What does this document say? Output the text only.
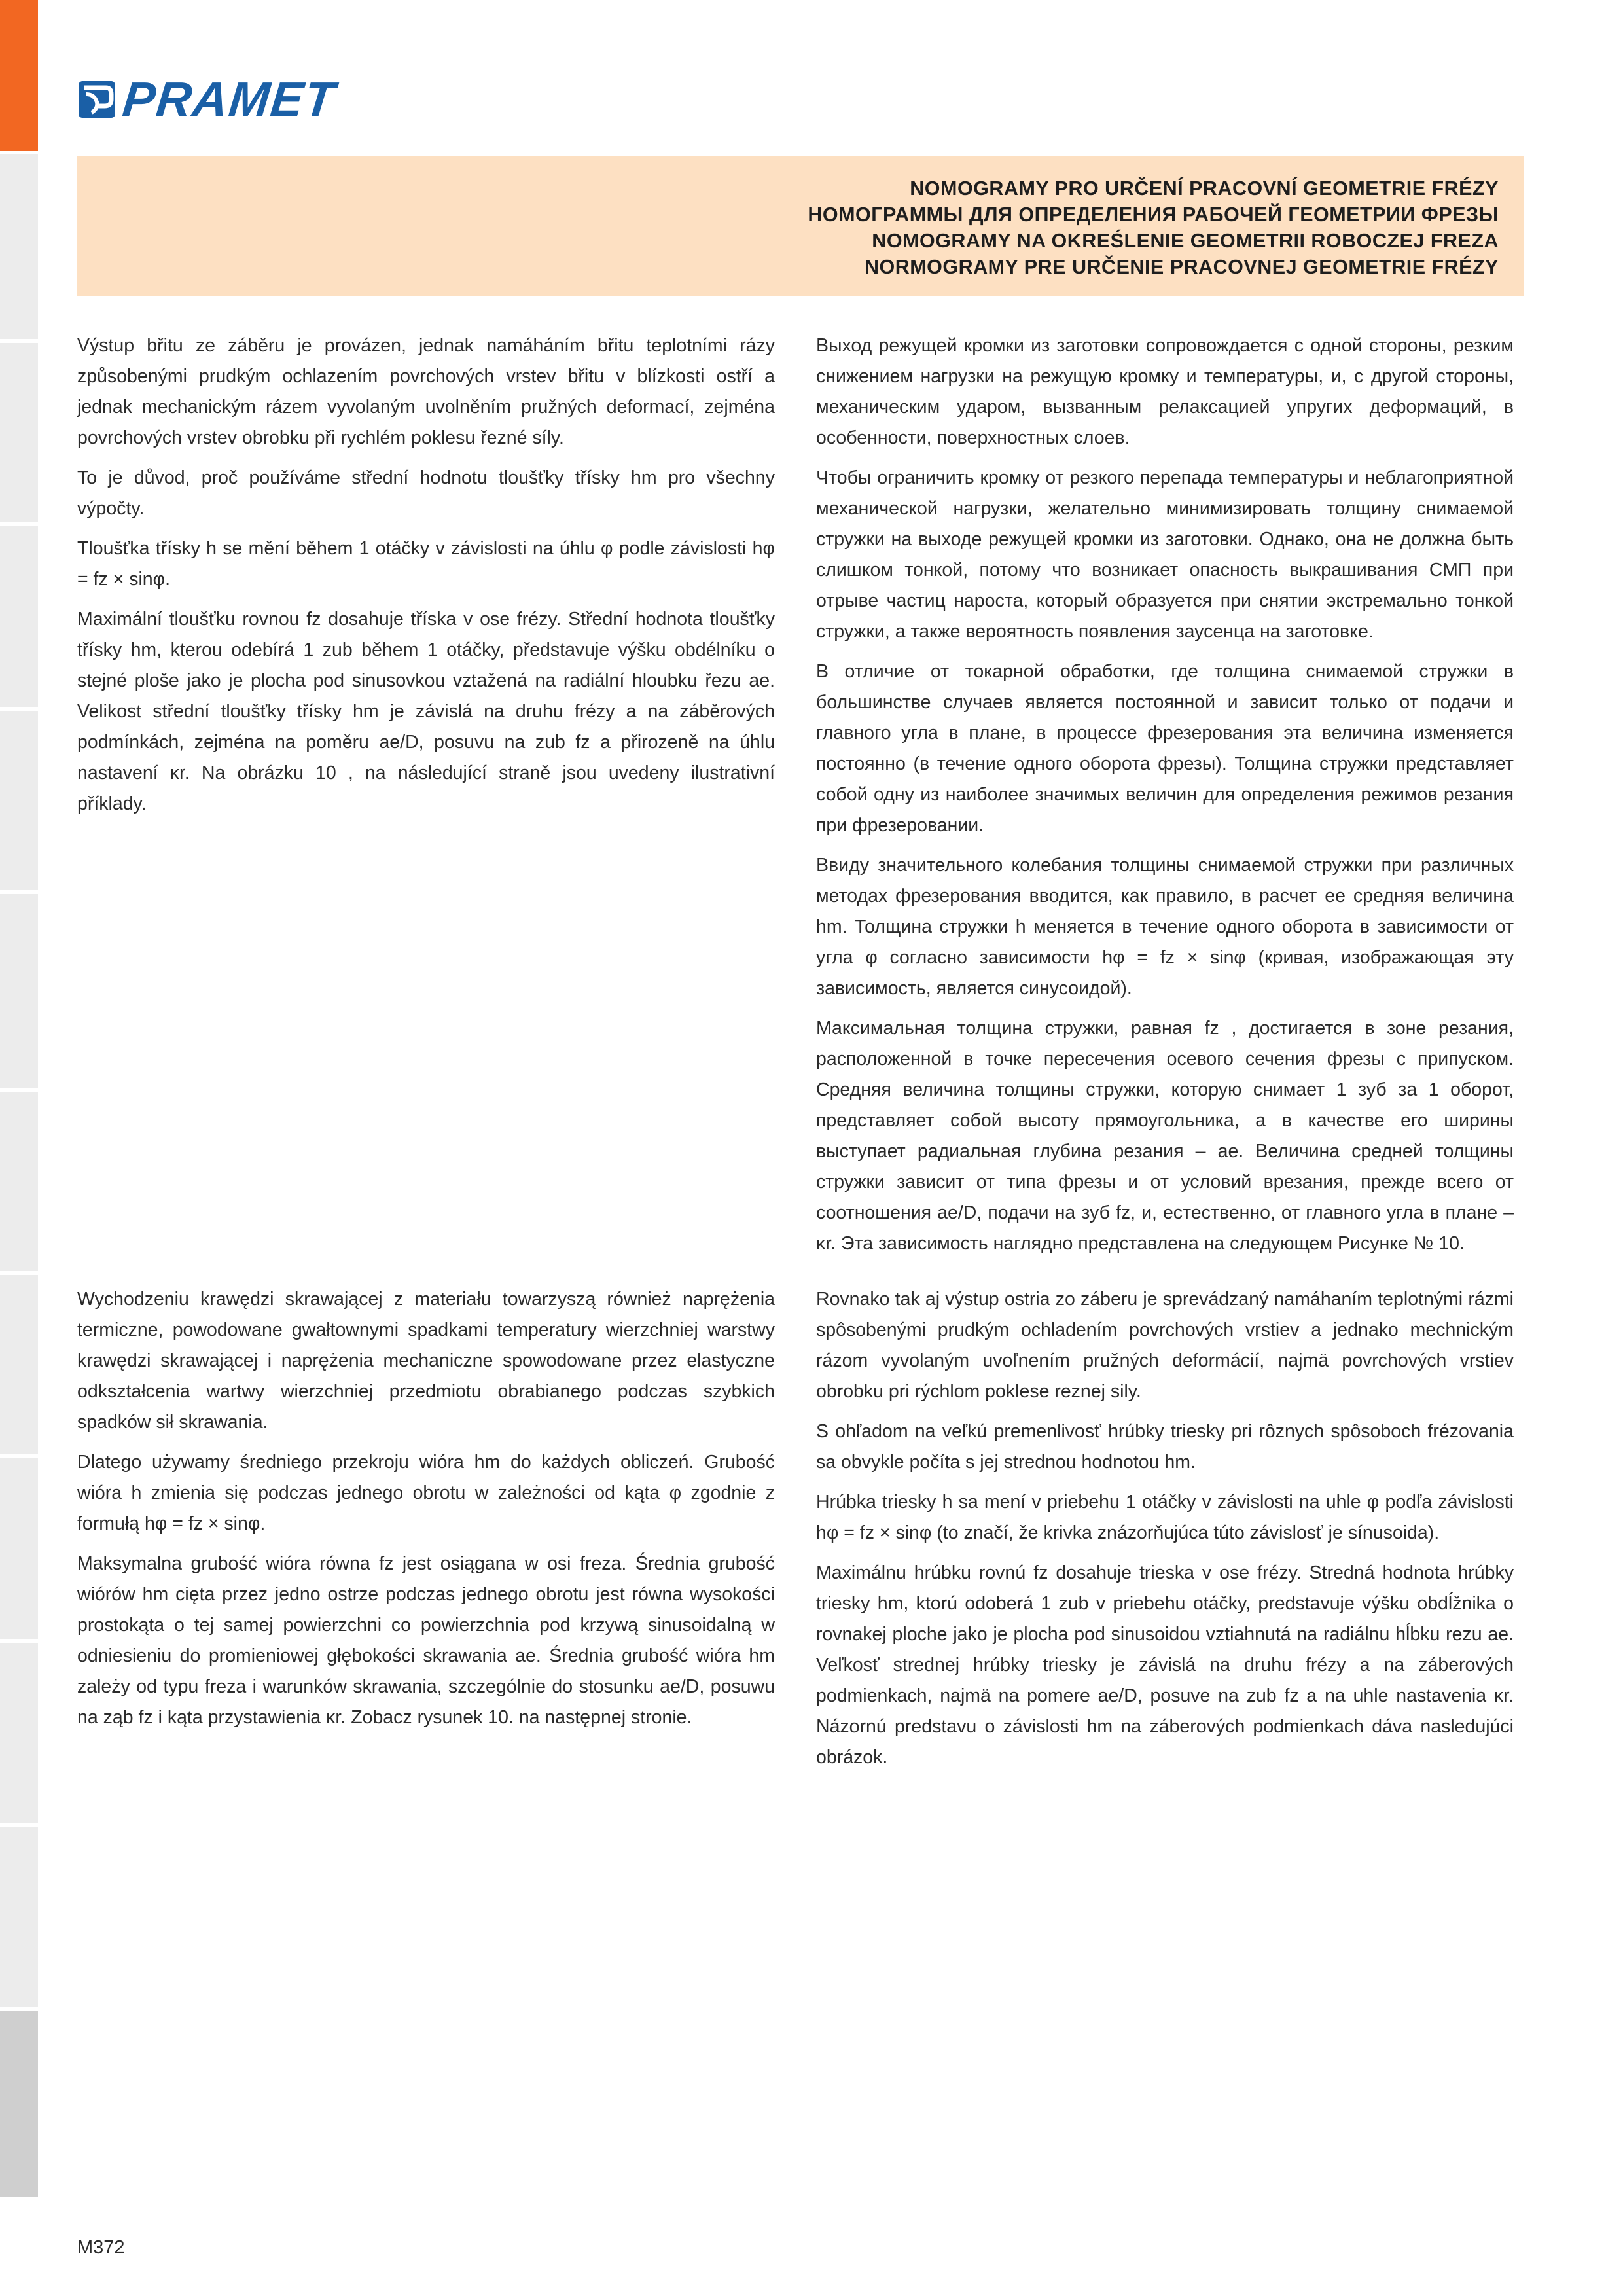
PRAMET
NOMOGRAMY PRO URČENÍ PRACOVNÍ GEOMETRIE FRÉZY
НОМОГРАММЫ ДЛЯ ОПРЕДЕЛЕНИЯ РАБОЧЕЙ ГЕОМЕТРИИ ФРЕЗЫ
NOMOGRAMY NA OKREŚLENIE GEOMETRII ROBOCZEJ FREZA
NORMOGRAMY PRE URČENIE PRACOVNEJ GEOMETRIE FRÉZY

Výstup břitu ze záběru je provázen, jednak namáháním břitu teplotními rázy způsobenými prudkým ochlazením povrchových vrstev břitu v blízkosti ostří a jednak mechanickým rázem vyvolaným uvolněním pružných deformací, zejména povrchových vrstev obrobku při rychlém poklesu řezné síly.

To je důvod, proč používáme střední hodnotu tloušťky třísky hm pro všechny výpočty.

Tloušťka třísky h se mění během 1 otáčky v závislosti na úhlu φ podle závislosti hφ = fz × sinφ.

Maximální tloušťku rovnou fz dosahuje tříska v ose frézy. Střední hodnota tloušťky třísky hm, kterou odebírá 1 zub během 1 otáčky, představuje výšku obdélníku o stejné ploše jako je plocha pod sinusovkou vztažená na radiální hloubku řezu ae. Velikost střední tloušťky třísky hm je závislá na druhu frézy a na záběrových podmínkách, zejména na poměru ae/D, posuvu na zub fz a přirozeně na úhlu nastavení κr. Na obrázku 10 , na následující straně jsou uvedeny ilustrativní příklady.

Выход режущей кромки из заготовки сопровождается с одной стороны, резким снижением нагрузки на режущую кромку и температуры, и, с другой стороны, механическим ударом, вызванным релаксацией упругих деформаций, в особенности, поверхностных слоев.

Чтобы ограничить кромку от резкого перепада температуры и неблагоприятной механической нагрузки, желательно минимизировать толщину снимаемой стружки на выходе режущей кромки из заготовки. Однако, она не должна быть слишком тонкой, потому что возникает опасность выкрашивания СМП при отрыве частиц нароста, который образуется при снятии экстремально тонкой стружки, а также вероятность появления заусенца на заготовке.

В отличие от токарной обработки, где толщина снимаемой стружки в большинстве случаев является постоянной и зависит только от подачи и главного угла в плане, в процессе фрезерования эта величина изменяется постоянно (в течение одного оборота фрезы). Толщина стружки представляет собой одну из наиболее значимых величин для определения режимов резания при фрезеровании.

Ввиду значительного колебания толщины снимаемой стружки при различных методах фрезерования вводится, как правило, в расчет ее средняя величина hm. Толщина стружки h меняется в течение одного оборота в зависимости от угла φ согласно зависимости hφ = fz × sinφ (кривая, изображающая эту зависимость, является синусоидой).

Максимальная толщина стружки, равная fz , достигается в зоне резания, расположенной в точке пересечения осевого сечения фрезы с припуском. Средняя величина толщины стружки, которую снимает 1 зуб за 1 оборот, представляет собой высоту прямоугольника, а в качестве его ширины выступает радиальная глубина резания – ae. Величина средней толщины стружки зависит от типа фрезы и от условий врезания, прежде всего от соотношения ae/D, подачи на зуб fz, и, естественно, от главного угла в плане – κr. Эта зависимость наглядно представлена на следующем Рисунке № 10.

Wychodzeniu krawędzi skrawającej z materiału towarzyszą również naprężenia termiczne, powodowane gwałtownymi spadkami temperatury wierzchniej warstwy krawędzi skrawającej i naprężenia mechaniczne spowodowane przez elastyczne odkształcenia wartwy wierzchniej przedmiotu obrabianego podczas szybkich spadków sił skrawania.

Dlatego używamy średniego przekroju wióra hm do każdych obliczeń. Grubość wióra h zmienia się podczas jednego obrotu w zależności od kąta φ zgodnie z formułą hφ = fz × sinφ.

Maksymalna grubość wióra równa fz jest osiągana w osi freza. Średnia grubość wiórów hm cięta przez jedno ostrze podczas jednego obrotu jest równa wysokości prostokąta o tej samej powierzchni co powierzchnia pod krzywą sinusoidalną w odniesieniu do promieniowej głębokości skrawania ae. Średnia grubość wióra hm zależy od typu freza i warunków skrawania, szczególnie do stosunku ae/D, posuwu na ząb fz i kąta przystawienia κr. Zobacz rysunek 10. na następnej stronie.

Rovnako tak aj výstup ostria zo záberu je sprevádzaný namáhaním teplotnými rázmi spôsobenými prudkým ochladením povrchových vrstiev a jednako mechnickým rázom vyvolaným uvoľnením pružných deformácií, najmä povrchových vrstiev obrobku pri rýchlom poklese reznej sily.

S ohľadom na veľkú premenlivosť hrúbky triesky pri rôznych spôsoboch frézovania sa obvykle počíta s jej strednou hodnotou hm.

Hrúbka triesky h sa mení v priebehu 1 otáčky v závislosti na uhle φ podľa závislosti hφ = fz × sinφ (to značí, že krivka znázorňujúca túto závislosť je sínusoida).

Maximálnu hrúbku rovnú fz dosahuje trieska v ose frézy. Stredná hodnota hrúbky triesky hm, ktorú odoberá 1 zub v priebehu otáčky, predstavuje výšku obdĺžnika o rovnakej ploche jako je plocha pod sinusoidou vztiahnutá na radiálnu hĺbku rezu ae. Veľkosť strednej hrúbky triesky je závislá na druhu frézy a na záberových podmienkach, najmä na pomere ae/D, posuve na zub fz a na uhle nastavenia κr. Názornú predstavu o závislosti hm na záberových podmienkach dáva nasledujúci obrázok.

M372
